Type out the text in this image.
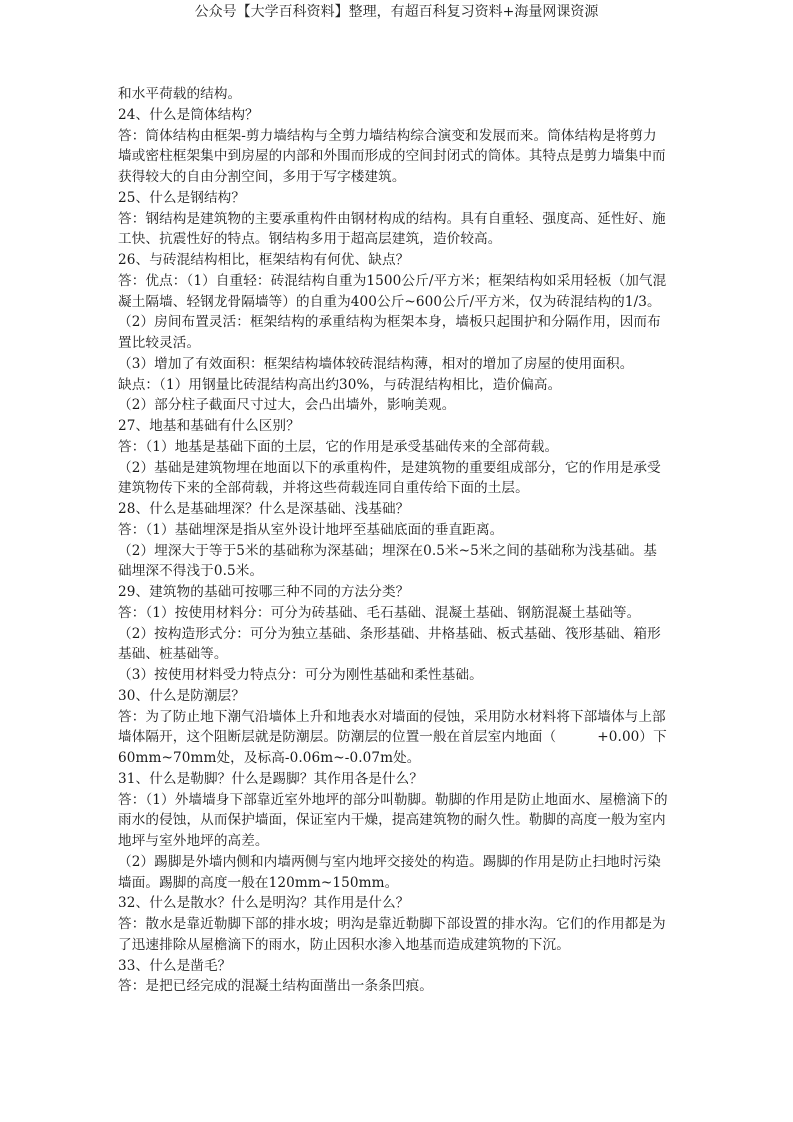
公众号【大学百科资料】整理，有超百科复习资料+海量网课资源
和水平荷载的结构。
24、什么是筒体结构？
答：筒体结构由框架-剪力墙结构与全剪力墙结构综合演变和发展而来。筒体结构是将剪力
墙或密柱框架集中到房屋的内部和外围而形成的空间封闭式的筒体。其特点是剪力墙集中而
获得较大的自由分割空间，多用于写字楼建筑。
25、什么是钢结构？
答：钢结构是建筑物的主要承重构件由钢材构成的结构。具有自重轻、强度高、延性好、施
工快、抗震性好的特点。钢结构多用于超高层建筑，造价较高。
26、与砖混结构相比，框架结构有何优、缺点？
答：优点：（1）自重轻：砖混结构自重为1500公斤/平方米；框架结构如采用轻板（加气混
凝土隔墙、轻钢龙骨隔墙等）的自重为400公斤~600公斤/平方米，仅为砖混结构的1/3。
（2）房间布置灵活：框架结构的承重结构为框架本身，墙板只起围护和分隔作用，因而布
置比较灵活。
（3）增加了有效面积：框架结构墙体较砖混结构薄，相对的增加了房屋的使用面积。
缺点：（1）用钢量比砖混结构高出约30%，与砖混结构相比，造价偏高。
（2）部分柱子截面尺寸过大，会凸出墙外，影响美观。
27、地基和基础有什么区别？
答：（1）地基是基础下面的土层，它的作用是承受基础传来的全部荷载。
（2）基础是建筑物埋在地面以下的承重构件，是建筑物的重要组成部分，它的作用是承受
建筑物传下来的全部荷载，并将这些荷载连同自重传给下面的土层。
28、什么是基础埋深？什么是深基础、浅基础？
答：（1）基础埋深是指从室外设计地坪至基础底面的垂直距离。
（2）埋深大于等于5米的基础称为深基础；埋深在0.5米~5米之间的基础称为浅基础。基
础埋深不得浅于0.5米。
29、建筑物的基础可按哪三种不同的方法分类？
答：（1）按使用材料分：可分为砖基础、毛石基础、混凝土基础、钢筋混凝土基础等。
（2）按构造形式分：可分为独立基础、条形基础、井格基础、板式基础、筏形基础、箱形
基础、桩基础等。
（3）按使用材料受力特点分：可分为刚性基础和柔性基础。
30、什么是防潮层？
答：为了防止地下潮气沿墙体上升和地表水对墙面的侵蚀，采用防水材料将下部墙体与上部
墙体隔开，这个阻断层就是防潮层。防潮层的位置一般在首层室内地面（　　　+0.00）下
60mm~70mm处，及标高-0.06m~-0.07m处。
31、什么是勒脚？什么是踢脚？其作用各是什么？
答：（1）外墙墙身下部靠近室外地坪的部分叫勒脚。勒脚的作用是防止地面水、屋檐滴下的
雨水的侵蚀，从而保护墙面，保证室内干燥，提高建筑物的耐久性。勒脚的高度一般为室内
地坪与室外地坪的高差。
（2）踢脚是外墙内侧和内墙两侧与室内地坪交接处的构造。踢脚的作用是防止扫地时污染
墙面。踢脚的高度一般在120mm~150mm。
32、什么是散水？什么是明沟？其作用是什么？
答：散水是靠近勒脚下部的排水坡；明沟是靠近勒脚下部设置的排水沟。它们的作用都是为
了迅速排除从屋檐滴下的雨水，防止因积水渗入地基而造成建筑物的下沉。
33、什么是凿毛？
答：是把已经完成的混凝土结构面凿出一条条凹痕。
